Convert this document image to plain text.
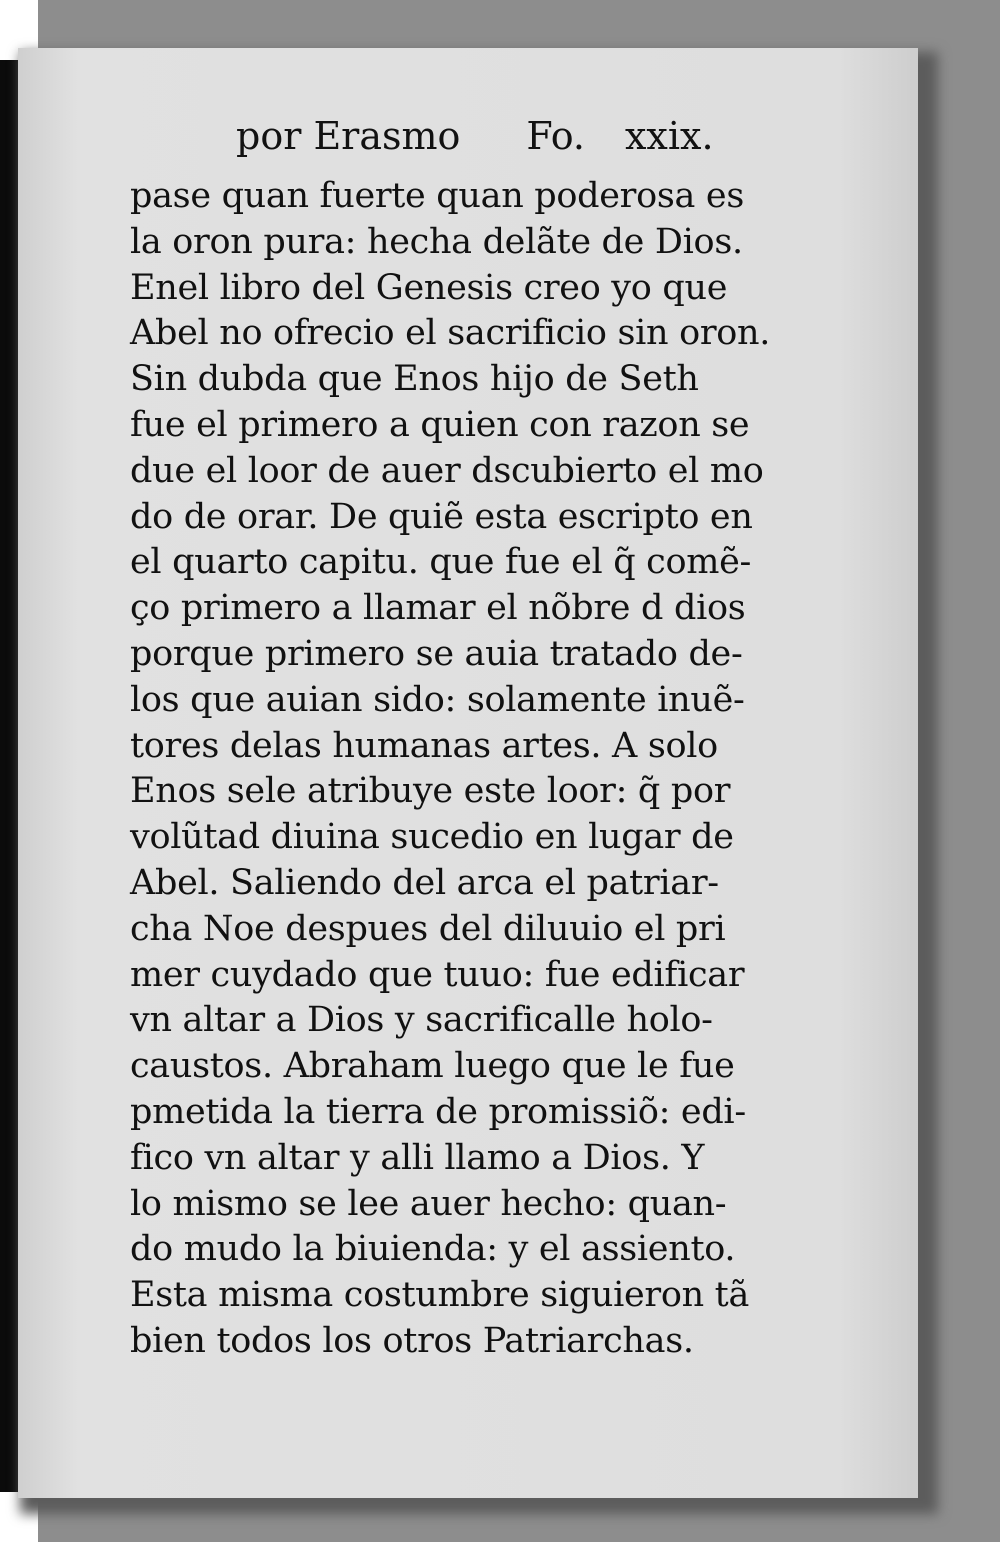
por Erasmo Fo. xxix.
pase quan fuerte quan poderosa es
la oron pura: hecha delãte de Dios.
Enel libro del Genesis creo yo que
Abel no ofrecio el sacrificio sin oron.
Sin dubda que Enos hijo de Seth
fue el primero a quien con razon se
due el loor de auer dscubierto el mo
do de orar. De quiẽ esta escripto en
el quarto capitu. que fue el q̃ comẽ-
ço primero a llamar el nõbre d dios
porque primero se auia tratado de-
los que auian sido: solamente inuẽ-
tores delas humanas artes. A solo
Enos sele atribuye este loor: q̃ por
volũtad diuina sucedio en lugar de
Abel. Saliendo del arca el patriar-
cha Noe despues del diluuio el pri
mer cuydado que tuuo: fue edificar
vn altar a Dios y sacrificalle holo-
caustos. Abraham luego que le fue
pmetida la tierra de promissiõ: edi-
fico vn altar y alli llamo a Dios. Y
lo mismo se lee auer hecho: quan-
do mudo la biuienda: y el assiento.
Esta misma costumbre siguieron tã
bien todos los otros Patriarchas.
